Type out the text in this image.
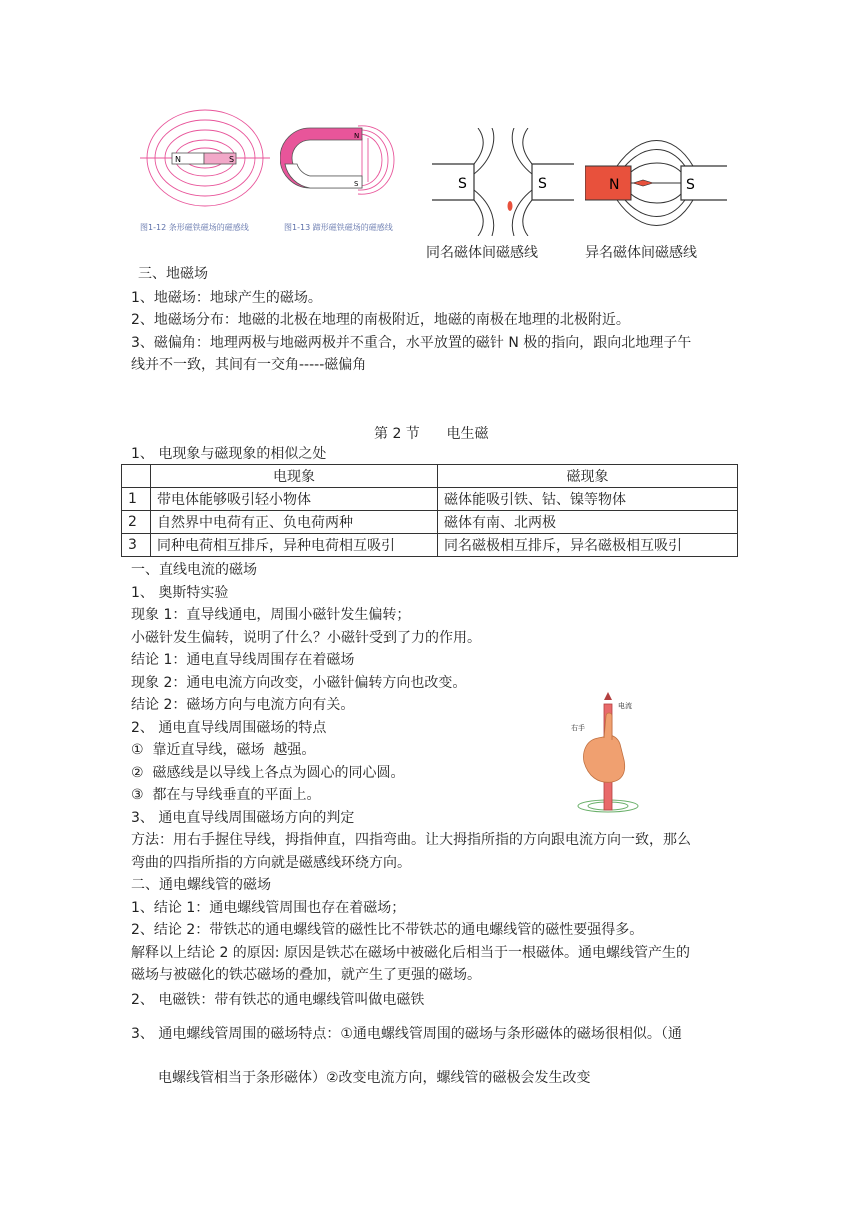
N	S
图1-12 条形磁铁磁场的磁感线
N
S
图1-13 蹄形磁铁磁场的磁感线
S	S
同名磁体间磁感线
N	S
异名磁体间磁感线
三、地磁场
1、地磁场：地球产生的磁场。
2、地磁场分布：地磁的北极在地理的南极附近，地磁的南极在地理的北极附近。
3、磁偏角：地理两极与地磁两极并不重合，水平放置的磁针 N 极的指向，跟向北地理子午
线并不一致，其间有一交角-----磁偏角
第 2 节      电生磁
1、 电现象与磁现象的相似之处
	电现象	磁现象
1	带电体能够吸引轻小物体	磁体能吸引铁、钴、镍等物体
2	自然界中电荷有正、负电荷两种	磁体有南、北两极
3	同种电荷相互排斥，异种电荷相互吸引	同名磁极相互排斥，异名磁极相互吸引
一、直线电流的磁场
1、 奥斯特实验
现象 1：直导线通电，周围小磁针发生偏转；
小磁针发生偏转，说明了什么？小磁针受到了力的作用。
结论 1：通电直导线周围存在着磁场
现象 2：通电电流方向改变，小磁针偏转方向也改变。
结论 2：磁场方向与电流方向有关。
2、 通电直导线周围磁场的特点
①  靠近直导线，磁场  越强。
②  磁感线是以导线上各点为圆心的同心圆。
③  都在与导线垂直的平面上。
3、 通电直导线周围磁场方向的判定
方法：用右手握住导线，拇指伸直，四指弯曲。让大拇指所指的方向跟电流方向一致，那么
弯曲的四指所指的方向就是磁感线环绕方向。
二、通电螺线管的磁场
1、结论 1：通电螺线管周围也存在着磁场；
2、结论 2：带铁芯的通电螺线管的磁性比不带铁芯的通电螺线管的磁性要强得多。
解释以上结论 2 的原因: 原因是铁芯在磁场中被磁化后相当于一根磁体。通电螺线管产生的
磁场与被磁化的铁芯磁场的叠加，就产生了更强的磁场。
2、 电磁铁：带有铁芯的通电螺线管叫做电磁铁
3、 通电螺线管周围的磁场特点：①通电螺线管周围的磁场与条形磁体的磁场很相似。（通
电螺线管相当于条形磁体）②改变电流方向，螺线管的磁极会发生改变
右手
电流
